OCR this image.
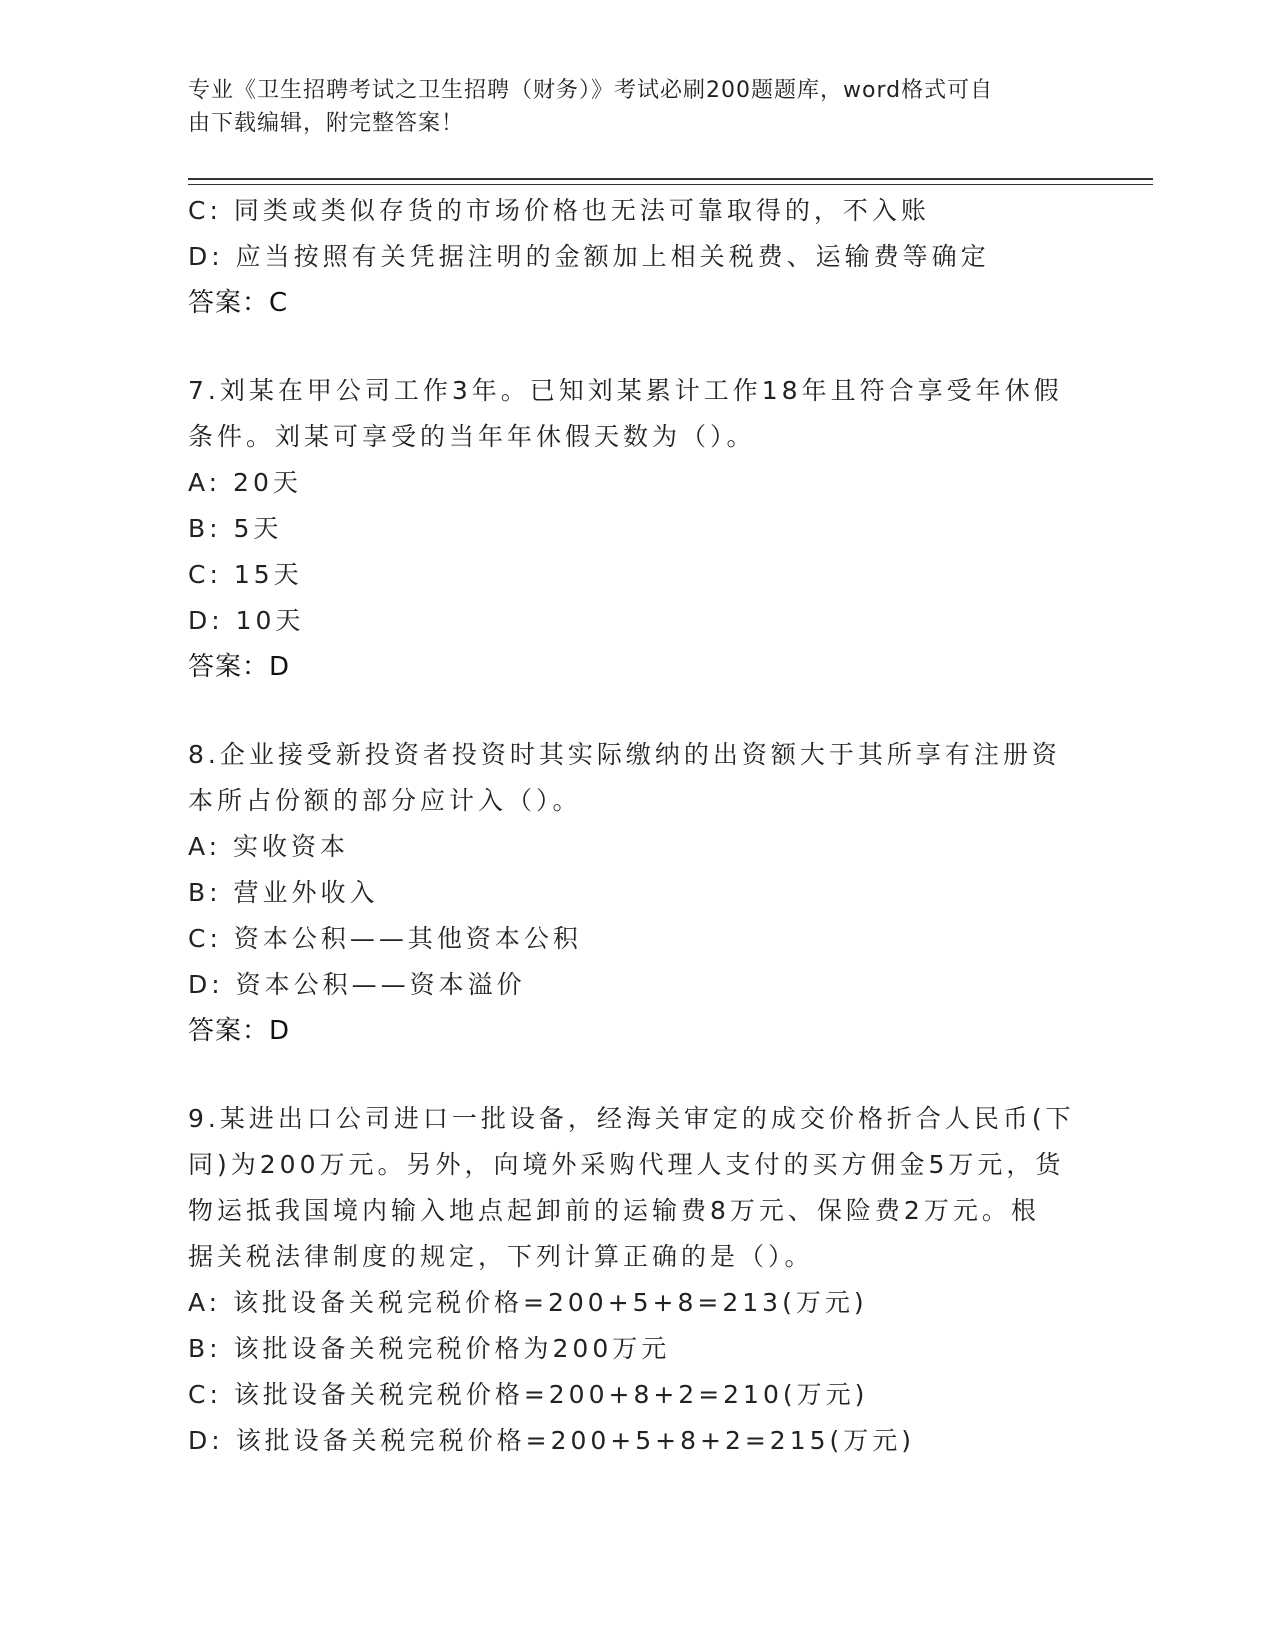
专业《卫生招聘考试之卫生招聘（财务）》考试必刷200题题库，word格式可自
由下载编辑，附完整答案！
C: 同类或类似存货的市场价格也无法可靠取得的，不入账
D: 应当按照有关凭据注明的金额加上相关税费、运输费等确定
答案：C
7.刘某在甲公司工作3年。已知刘某累计工作18年且符合享受年休假
条件。刘某可享受的当年年休假天数为（）。
A: 20天
B: 5天
C: 15天
D: 10天
答案：D
8.企业接受新投资者投资时其实际缴纳的出资额大于其所享有注册资
本所占份额的部分应计入（）。
A: 实收资本
B: 营业外收入
C: 资本公积——其他资本公积
D: 资本公积——资本溢价
答案：D
9.某进出口公司进口一批设备，经海关审定的成交价格折合人民币(下
同)为200万元。另外，向境外采购代理人支付的买方佣金5万元，货
物运抵我国境内输入地点起卸前的运输费8万元、保险费2万元。根
据关税法律制度的规定，下列计算正确的是（）。
A: 该批设备关税完税价格=200+5+8=213(万元)
B: 该批设备关税完税价格为200万元
C: 该批设备关税完税价格=200+8+2=210(万元)
D: 该批设备关税完税价格=200+5+8+2=215(万元)
